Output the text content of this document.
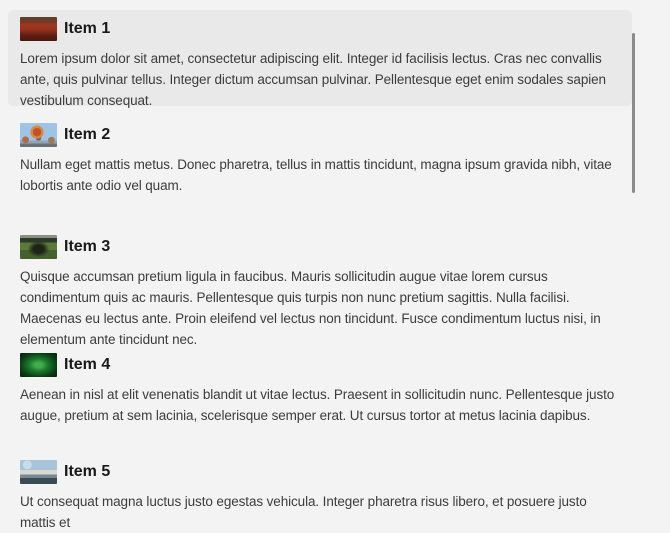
Item 1
Lorem ipsum dolor sit amet, consectetur adipiscing elit. Integer id facilisis lectus. Cras nec convallis ante, quis pulvinar tellus. Integer dictum accumsan pulvinar. Pellentesque eget enim sodales sapien vestibulum consequat.
Item 2
Nullam eget mattis metus. Donec pharetra, tellus in mattis tincidunt, magna ipsum gravida nibh, vitae lobortis ante odio vel quam.
Item 3
Quisque accumsan pretium ligula in faucibus. Mauris sollicitudin augue vitae lorem cursus condimentum quis ac mauris. Pellentesque quis turpis non nunc pretium sagittis. Nulla facilisi. Maecenas eu lectus ante. Proin eleifend vel lectus non tincidunt. Fusce condimentum luctus nisi, in elementum ante tincidunt nec.
Item 4
Aenean in nisl at elit venenatis blandit ut vitae lectus. Praesent in sollicitudin nunc. Pellentesque justo augue, pretium at sem lacinia, scelerisque semper erat. Ut cursus tortor at metus lacinia dapibus.
Item 5
Ut consequat magna luctus justo egestas vehicula. Integer pharetra risus libero, et posuere justo mattis et
